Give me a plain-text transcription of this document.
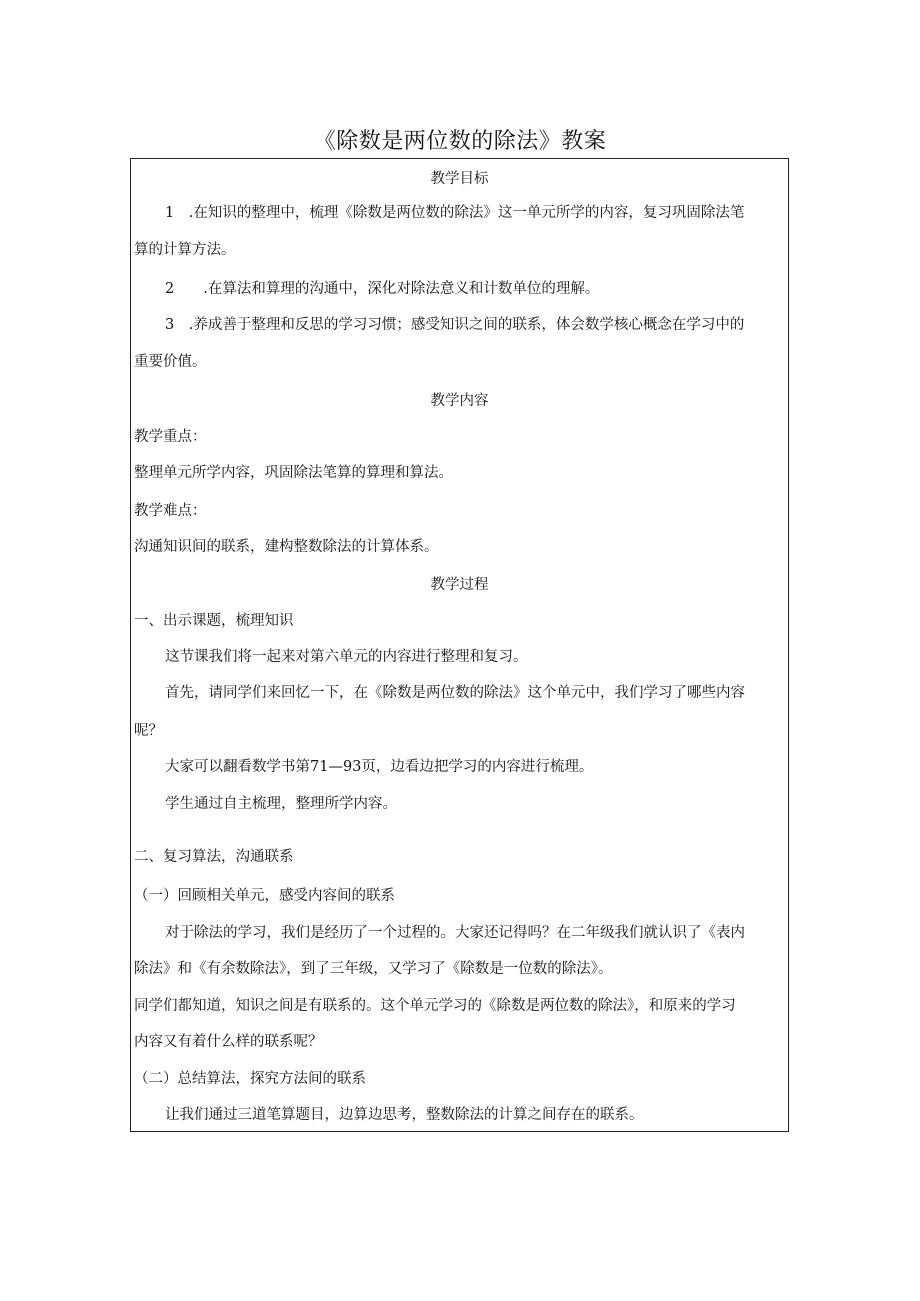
《除数是两位数的除法》教案
教学目标
1　.在知识的整理中，梳理《除数是两位数的除法》这一单元所学的内容，复习巩固除法笔
算的计算方法。
2　　.在算法和算理的沟通中，深化对除法意义和计数单位的理解。
3　.养成善于整理和反思的学习习惯；感受知识之间的联系，体会数学核心概念在学习中的
重要价值。
教学内容
教学重点：
整理单元所学内容，巩固除法笔算的算理和算法。
教学难点：
沟通知识间的联系，建构整数除法的计算体系。
教学过程
一、出示课题，梳理知识
这节课我们将一起来对第六单元的内容进行整理和复习。
首先，请同学们来回忆一下，在《除数是两位数的除法》这个单元中，我们学习了哪些内容
呢？
大家可以翻看数学书第71—93页，边看边把学习的内容进行梳理。
学生通过自主梳理，整理所学内容。
二、复习算法，沟通联系
（一）回顾相关单元，感受内容间的联系
对于除法的学习，我们是经历了一个过程的。大家还记得吗？在二年级我们就认识了《表内
除法》和《有余数除法》，到了三年级，又学习了《除数是一位数的除法》。
同学们都知道，知识之间是有联系的。这个单元学习的《除数是两位数的除法》，和原来的学习
内容又有着什么样的联系呢？
（二）总结算法，探究方法间的联系
让我们通过三道笔算题目，边算边思考，整数除法的计算之间存在的联系。
